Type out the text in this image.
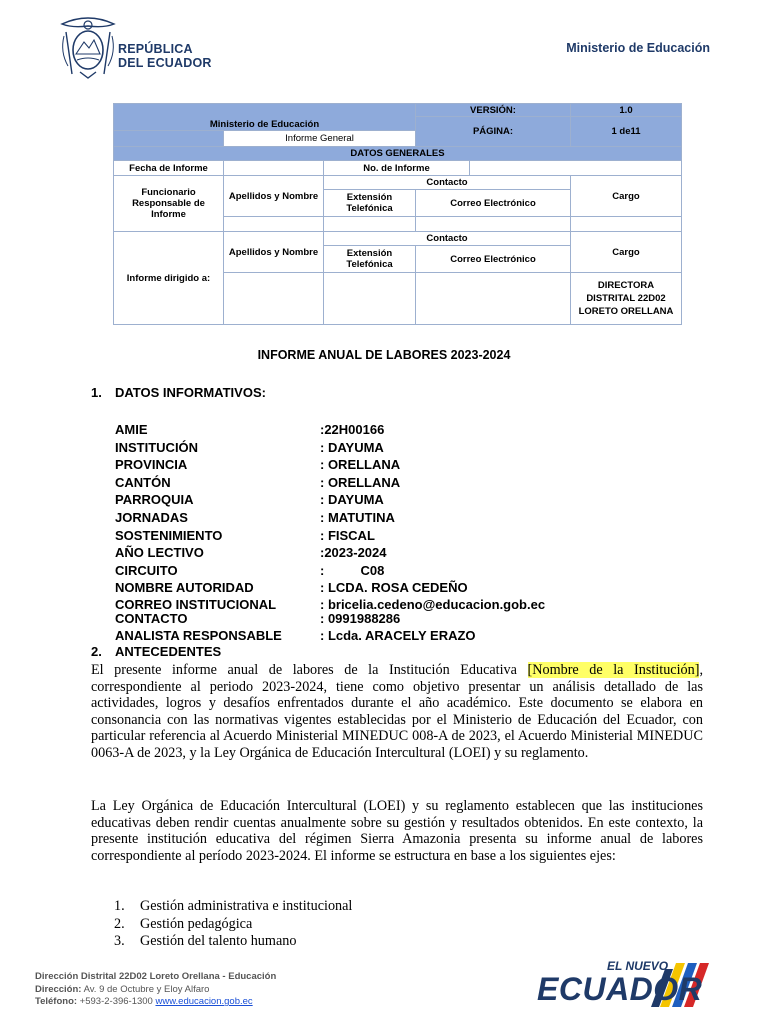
REPÚBLICA
DEL ECUADOR
Ministerio de Educación
Ministerio de Educación			VERSIÓN:		1.0
			PÁGINA:		1 de11
	Informe General				
DATOS GENERALES					
Fecha de Informe		No. de Informe			
Funcionario Responsable de Informe	Apellidos y Nombre	Contacto			Cargo
		Extensión Telefónica	Correo Electrónico		

Informe dirigido a:	Apellidos y Nombre	Contacto			Cargo
		Extensión Telefónica	Correo Electrónico		
					DIRECTORA DISTRITAL 22D02 LORETO ORELLANA
INFORME ANUAL DE LABORES 2023-2024
1. DATOS INFORMATIVOS:
AMIE	:22H00166
INSTITUCIÓN	: DAYUMA
PROVINCIA	: ORELLANA
CANTÓN	: ORELLANA
PARROQUIA	: DAYUMA
JORNADAS	: MATUTINA
SOSTENIMIENTO	: FISCAL
AÑO LECTIVO	:2023-2024
CIRCUITO	:          C08
NOMBRE AUTORIDAD	: LCDA. ROSA CEDEÑO
CORREO INSTITUCIONAL	: bricelia.cedeno@educacion.gob.ec
CONTACTO	: 0991988286
ANALISTA RESPONSABLE	: Lcda. ARACELY ERAZO
2. ANTECEDENTES

El presente informe anual de labores de la Institución Educativa [Nombre de la Institución], correspondiente al periodo 2023-2024, tiene como objetivo presentar un análisis detallado de las actividades, logros y desafíos enfrentados durante el año académico. Este documento se elabora en consonancia con las normativas vigentes establecidas por el Ministerio de Educación del Ecuador, con particular referencia al Acuerdo Ministerial MINEDUC 008-A de 2023, el Acuerdo Ministerial MINEDUC 0063-A de 2023, y la Ley Orgánica de Educación Intercultural (LOEI) y su reglamento.

La Ley Orgánica de Educación Intercultural (LOEI) y su reglamento establecen que las instituciones educativas deben rendir cuentas anualmente sobre su gestión y resultados obtenidos. En este contexto, la presente institución educativa del régimen Sierra Amazonia presenta su informe anual de labores correspondiente al período 2023-2024. El informe se estructura en base a los siguientes ejes:

1. Gestión administrativa e institucional
2. Gestión pedagógica
3. Gestión del talento humano
Dirección Distrital 22D02 Loreto Orellana - Educación
Dirección: Av. 9 de Octubre y Eloy Alfaro
Teléfono: +593-2-396-1300 www.educacion.gob.ec
EL NUEVO
ECUADOR
